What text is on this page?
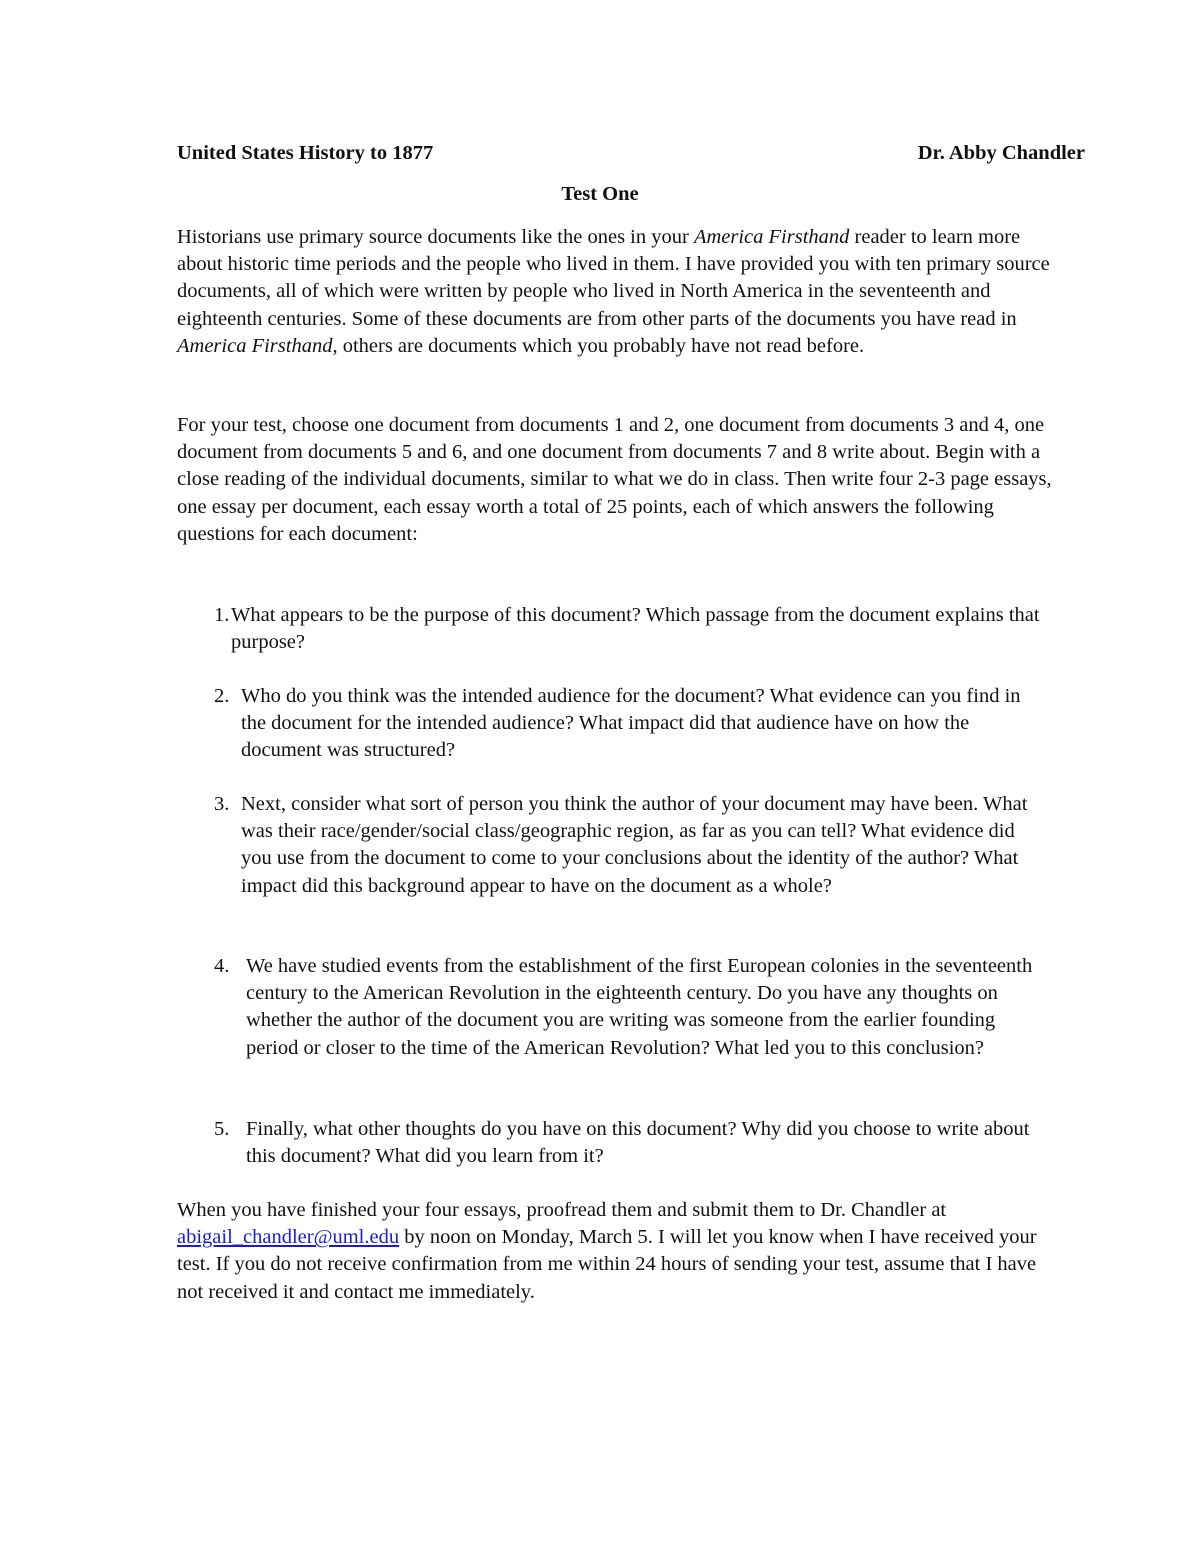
United States History to 1877	Dr. Abby Chandler
Test One

Historians use primary source documents like the ones in your America Firsthand reader to learn more about historic time periods and the people who lived in them. I have provided you with ten primary source documents, all of which were written by people who lived in North America in the seventeenth and eighteenth centuries. Some of these documents are from other parts of the documents you have read in America Firsthand, others are documents which you probably have not read before.

For your test, choose one document from documents 1 and 2, one document from documents 3 and 4, one document from documents 5 and 6, and one document from documents 7 and 8 write about. Begin with a close reading of the individual documents, similar to what we do in class. Then write four 2-3 page essays, one essay per document, each essay worth a total of 25 points, each of which answers the following questions for each document:

1. What appears to be the purpose of this document? Which passage from the document explains that purpose?
2. Who do you think was the intended audience for the document? What evidence can you find in the document for the intended audience? What impact did that audience have on how the document was structured?
3. Next, consider what sort of person you think the author of your document may have been. What was their race/gender/social class/geographic region, as far as you can tell? What evidence did you use from the document to come to your conclusions about the identity of the author? What impact did this background appear to have on the document as a whole?
4. We have studied events from the establishment of the first European colonies in the seventeenth century to the American Revolution in the eighteenth century. Do you have any thoughts on whether the author of the document you are writing was someone from the earlier founding period or closer to the time of the American Revolution? What led you to this conclusion?
5. Finally, what other thoughts do you have on this document? Why did you choose to write about this document? What did you learn from it?

When you have finished your four essays, proofread them and submit them to Dr. Chandler at abigail_chandler@uml.edu by noon on Monday, March 5. I will let you know when I have received your test. If you do not receive confirmation from me within 24 hours of sending your test, assume that I have not received it and contact me immediately.
